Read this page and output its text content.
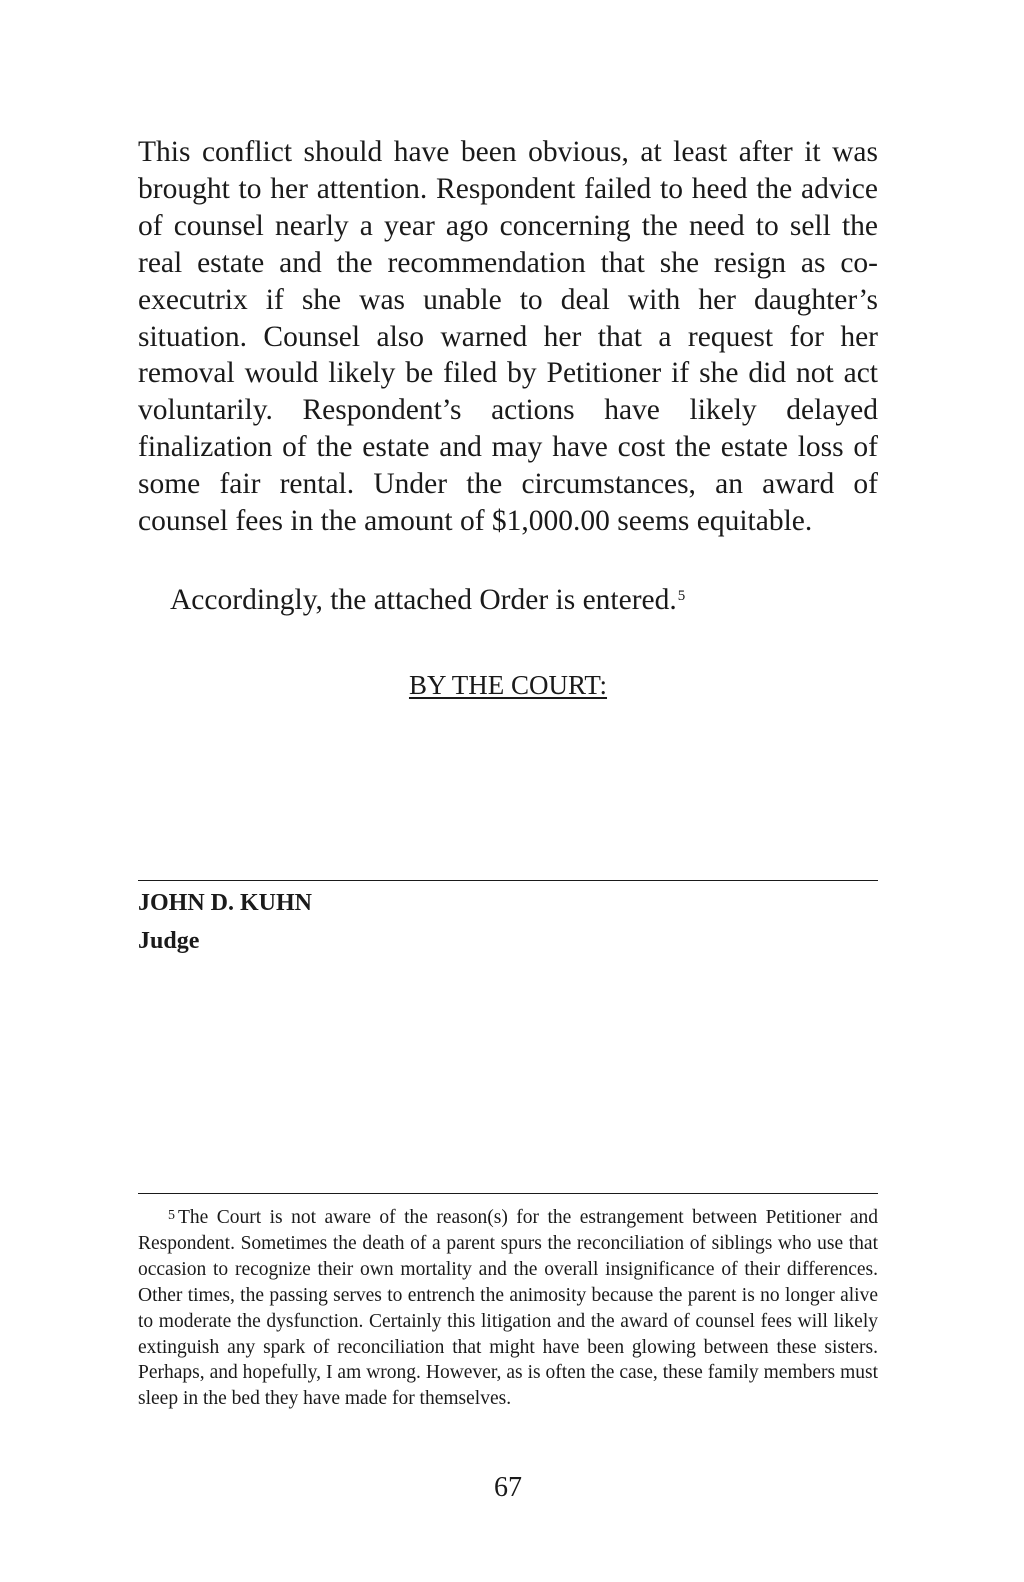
This conflict should have been obvious, at least after it was brought to her attention. Respondent failed to heed the advice of counsel nearly a year ago concerning the need to sell the real estate and the recommendation that she resign as co-executrix if she was unable to deal with her daughter’s situation. Counsel also warned her that a request for her removal would likely be filed by Petitioner if she did not act voluntarily. Respondent’s actions have likely delayed finalization of the estate and may have cost the estate loss of some fair rental. Under the circumstances, an award of counsel fees in the amount of $1,000.00 seems equitable.

Accordingly, the attached Order is entered.$^5$

BY THE COURT:
JOHN D. KUHN
Judge

$^5$ The Court is not aware of the reason(s) for the estrangement between Petitioner and Respondent. Sometimes the death of a parent spurs the reconciliation of siblings who use that occasion to recognize their own mortality and the overall insignificance of their differences. Other times, the passing serves to entrench the animosity because the parent is no longer alive to moderate the dysfunction. Certainly this litigation and the award of counsel fees will likely extinguish any spark of reconciliation that might have been glowing between these sisters. Perhaps, and hopefully, I am wrong. However, as is often the case, these family members must sleep in the bed they have made for themselves.

67
